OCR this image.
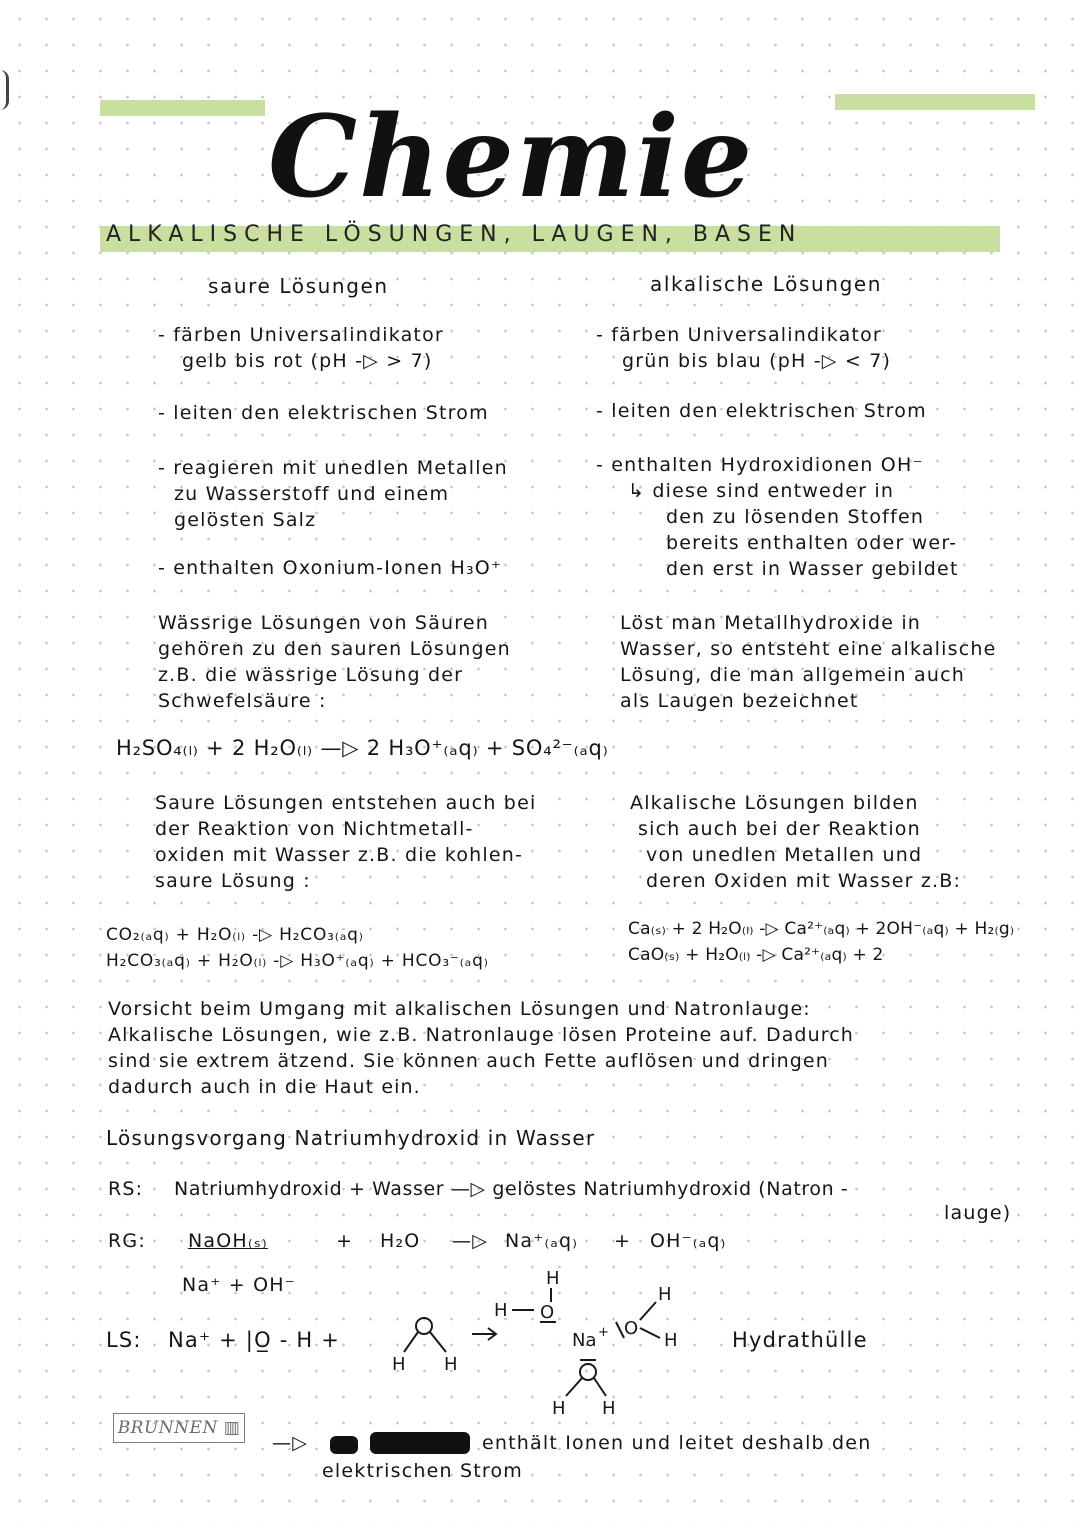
Chemie
ALKALISCHE LÖSUNGEN, LAUGEN, BASEN
saure Lösungen	alkalische Lösungen
- färben Universalindikator
gelb bis rot (pH -▷ > 7)
- leiten den elektrischen Strom
- reagieren mit unedlen Metallen
zu Wasserstoff und einem
gelösten Salz
- enthalten Oxonium-Ionen H₃O⁺
Wässrige Lösungen von Säuren
gehören zu den sauren Lösungen
z.B. die wässrige Lösung der
Schwefelsäure :
- färben Universalindikator
grün bis blau (pH -▷ < 7)
- leiten den elektrischen Strom
- enthalten Hydroxidionen OH⁻
↳ diese sind entweder in
den zu lösenden Stoffen
bereits enthalten oder wer-
den erst in Wasser gebildet
Löst man Metallhydroxide in
Wasser, so entsteht eine alkalische
Lösung, die man allgemein auch
als Laugen bezeichnet
H₂SO₄₍ₗ₎ + 2 H₂O₍ₗ₎ —▷ 2 H₃O⁺₍ₐq₎ + SO₄²⁻₍ₐq₎
Saure Lösungen entstehen auch bei
der Reaktion von Nichtmetall-
oxiden mit Wasser z.B. die kohlen-
saure Lösung :
Alkalische Lösungen bilden
sich auch bei der Reaktion
von unedlen Metallen und
deren Oxiden mit Wasser z.B:
CO₂₍ₐq₎ + H₂O₍ₗ₎ -▷ H₂CO₃₍ₐq₎
H₂CO₃₍ₐq₎ + H₂O₍ₗ₎ -▷ H₃O⁺₍ₐq₎ + HCO₃⁻₍ₐq₎
Ca₍ₛ₎ + 2 H₂O₍ₗ₎ -▷ Ca²⁺₍ₐq₎ + 2OH⁻₍ₐq₎ + H₂₍g₎
CaO₍ₛ₎ + H₂O₍ₗ₎ -▷ Ca²⁺₍ₐq₎ + 2
Vorsicht beim Umgang mit alkalischen Lösungen und Natronlauge:
Alkalische Lösungen, wie z.B. Natronlauge lösen Proteine auf. Dadurch
sind sie extrem ätzend. Sie können auch Fette auflösen und dringen
dadurch auch in die Haut ein.
Lösungsvorgang Natriumhydroxid in Wasser
RS: Natriumhydroxid + Wasser —▷ gelöstes Natriumhydroxid (Natron -
lauge)
RG: NaOH₍ₛ₎	+ H₂O —▷ Na⁺₍ₐq₎ + OH⁻₍ₐq₎
Na⁺ + OH⁻
LS: Na⁺ + |O̲ - H +
H H
H
H O
Na + O
H
H
H H
Hydrathülle
—▷	enthält Ionen und leitet deshalb den
elektrischen Strom
BRUNNEN ▥
